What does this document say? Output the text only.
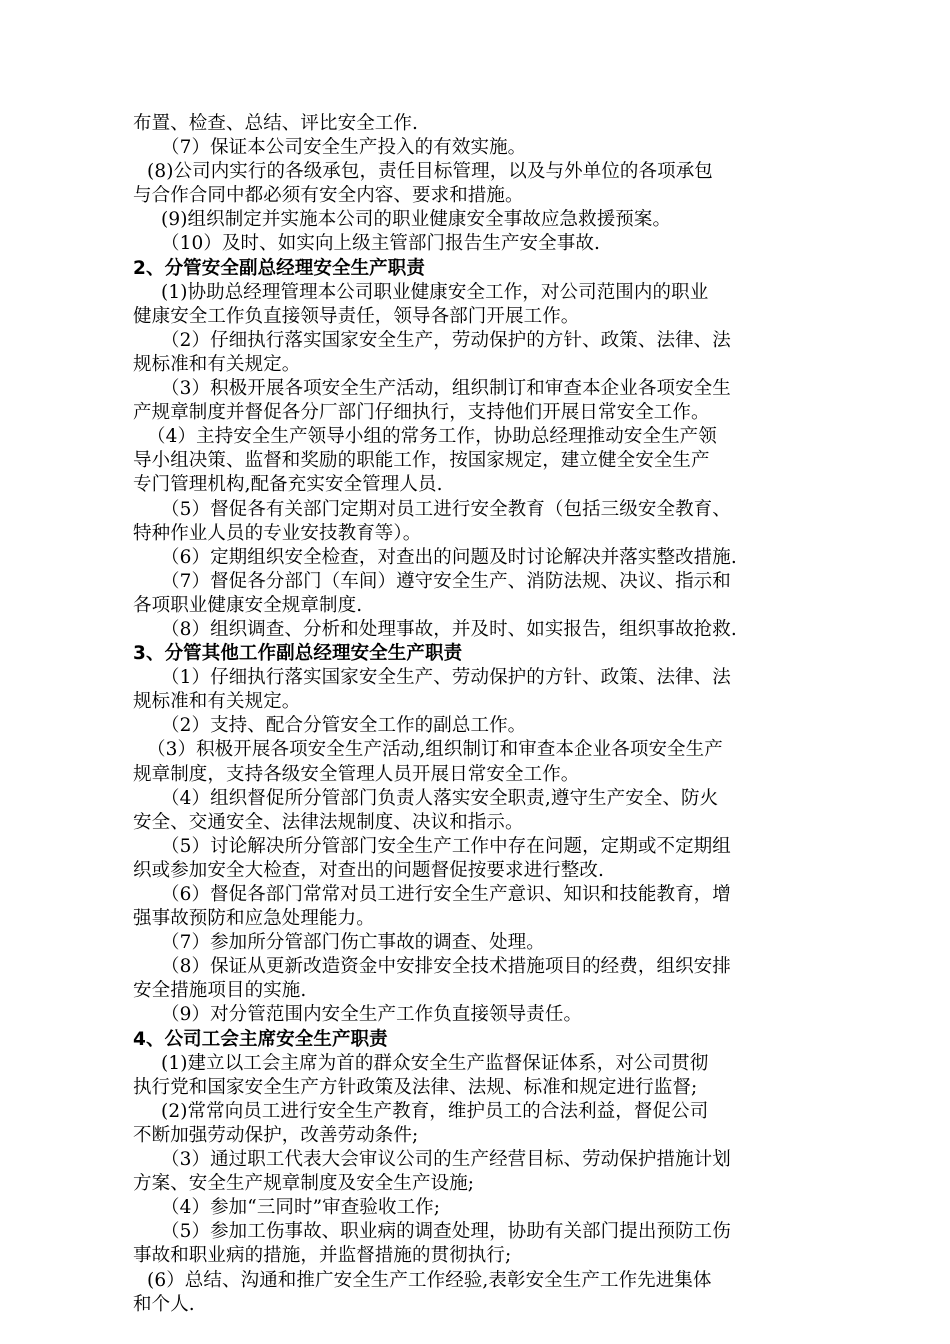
布置、检查、总结、评比安全工作.
（7）保证本公司安全生产投入的有效实施。
(8)公司内实行的各级承包，责任目标管理，以及与外单位的各项承包
与合作合同中都必须有安全内容、要求和措施。
(9)组织制定并实施本公司的职业健康安全事故应急救援预案。
（10）及时、如实向上级主管部门报告生产安全事故.
2、分管安全副总经理安全生产职责
(1)协助总经理管理本公司职业健康安全工作，对公司范围内的职业
健康安全工作负直接领导责任，领导各部门开展工作。
（2）仔细执行落实国家安全生产，劳动保护的方针、政策、法律、法
规标准和有关规定。
（3）积极开展各项安全生产活动，组织制订和审查本企业各项安全生
产规章制度并督促各分厂部门仔细执行，支持他们开展日常安全工作。
（4）主持安全生产领导小组的常务工作，协助总经理推动安全生产领
导小组决策、监督和奖励的职能工作，按国家规定，建立健全安全生产
专门管理机构,配备充实安全管理人员.
（5）督促各有关部门定期对员工进行安全教育（包括三级安全教育、
特种作业人员的专业安技教育等）。
（6）定期组织安全检查，对查出的问题及时讨论解决并落实整改措施.
（7）督促各分部门（车间）遵守安全生产、消防法规、决议、指示和
各项职业健康安全规章制度.
（8）组织调查、分析和处理事故，并及时、如实报告，组织事故抢救.
3、分管其他工作副总经理安全生产职责
（1）仔细执行落实国家安全生产、劳动保护的方针、政策、法律、法
规标准和有关规定。
（2）支持、配合分管安全工作的副总工作。
（3）积极开展各项安全生产活动,组织制订和审查本企业各项安全生产
规章制度，支持各级安全管理人员开展日常安全工作。
（4）组织督促所分管部门负责人落实安全职责,遵守生产安全、防火
安全、交通安全、法律法规制度、决议和指示。
（5）讨论解决所分管部门安全生产工作中存在问题，定期或不定期组
织或参加安全大检查，对查出的问题督促按要求进行整改.
（6）督促各部门常常对员工进行安全生产意识、知识和技能教育，增
强事故预防和应急处理能力。
（7）参加所分管部门伤亡事故的调查、处理。
（8）保证从更新改造资金中安排安全技术措施项目的经费，组织安排
安全措施项目的实施.
（9）对分管范围内安全生产工作负直接领导责任。
4、公司工会主席安全生产职责
(1)建立以工会主席为首的群众安全生产监督保证体系，对公司贯彻
执行党和国家安全生产方针政策及法律、法规、标准和规定进行监督;
(2)常常向员工进行安全生产教育，维护员工的合法利益，督促公司
不断加强劳动保护，改善劳动条件;
（3）通过职工代表大会审议公司的生产经营目标、劳动保护措施计划
方案、安全生产规章制度及安全生产设施;
（4）参加“三同时”审查验收工作;
（5）参加工伤事故、职业病的调查处理，协助有关部门提出预防工伤
事故和职业病的措施，并监督措施的贯彻执行;
(6）总结、沟通和推广安全生产工作经验,表彰安全生产工作先进集体
和个人.
